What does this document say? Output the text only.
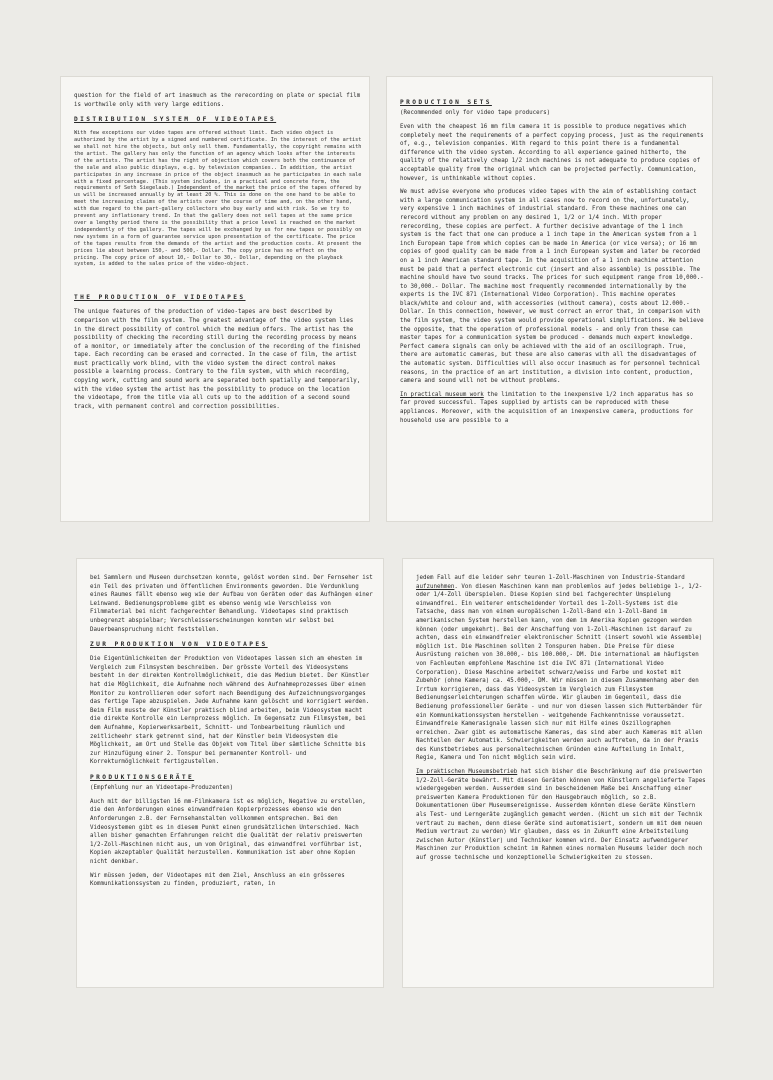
question for the field of art inasmuch as the rerecording on plate or special film is worthwile only with very large editions.

DISTRIBUTION SYSTEM OF VIDEOTAPES

With few exceptions our video tapes are offered without limit. Each video object is authorized by the artist by a signed and numbered certificate. In the interest of the artist we shall not hire the objects, but only sell them. Fundamentally, the copyright remains with the artist. The gallery has only the function of an agency which looks after the interests of the artists. The artist has the right of objection which covers both the continuance of the sale and also public displays, e.g. by television companies.. In addition, the artist participates in any increase in price of the object inasmuch as he participates in each sale with a fixed percentage. (This system includes, in a practical and concrete form, the requirements of Seth Siegelaub.) Independent of the market the price of the tapes offered by us will be increased annually by at least 20 %. This is done on the one hand to be able to meet the increasing claims of the artists over the course of time and, on the other hand, with due regard to the part-gallery collectors who buy early and with risk. So we try to prevent any inflationary trend. In that the gallery does not sell tapes at the same price over a lengthy period there is the possibility that a price level is reached on the market independently of the gallery. The tapes will be exchanged by us for new tapes or possibly on new systems in a form of guarantee service upon presentation of the certificate. The price of the tapes results from the demands of the artist and the production costs. At present the prices lie about between 150,- and 500,- Dollar. The copy price has no effect on the pricing. The copy price of about 10,- Dollar to 30,- Dollar, depending on the playback system, is added to the sales price of the video-object.

THE PRODUCTION OF VIDEOTAPES

The unique features of the production of video-tapes are best described by comparison with the film system. The greatest advantage of the video system lies in the direct possibility of control which the medium offers. The artist has the possibility of checking the recording still during the recording process by means of a monitor, or immediately after the conclusion of the recording of the finished tape. Each recording can be erased and corrected. In the case of film, the artist must practically work blind, with the video system the direct control makes possible a learning process. Contrary to the film system, with which recording, copying work, cutting and sound work are separated both spatially and temporarily, with the video system the artist has the possibility to produce on the location the videotape, from the title via all cuts up to the addition of a second sound track, with permanent control and correction possibilities.

PRODUCTION SETS
(Recommended only for video tape producers)

Even with the cheapest 16 mm film camera it is possible to produce negatives which completely meet the requirements of a perfect copying process, just as the requirements of, e.g., television companies. With regard to this point there is a fundamental difference with the video system. According to all experience gained hitherto, the quality of the relatively cheap 1/2 inch machines is not adequate to produce copies of acceptable quality from the original which can be projected perfectly. Communication, however, is unthinkable without copies.

We must advise everyone who produces video tapes with the aim of establishing contact with a large communication system in all cases now to record on the, unfortunately, very expensive 1 inch machines of industrial standard. From these machines one can rerecord without any problem on any desired 1, 1/2 or 1/4 inch. With proper rerecording, these copies are perfect. A further decisive advantage of the 1 inch system is the fact that one can produce a 1 inch tape in the American system from a 1 inch European tape from which copies can be made in America (or vice versa); or 16 mm copies of good quality can be made from a 1 inch European system and later be recorded on a 1 inch American standard tape. In the acquisition of a 1 inch machine attention must be paid that a perfect electronic cut (insert and also assemble) is possible. The machine should have two sound tracks. The prices for such equipment range from 10,000.- to 30,000.- Dollar. The machine most frequently recommended internationally by the experts is the IVC 871 (International Video Corporation). This machine operates black/white and colour and, with accessories (without camera), costs about 12.000.- Dollar. In this connection, however, we must correct an error that, in comparison with the film system, the video system would provide operational simplifications. We believe the opposite, that the operation of professional models - and only from these can master tapes for a communication system be produced - demands much expert knowledge. Perfect camera signals can only be achieved with the aid of an oscillograph. True, there are automatic cameras, but these are also cameras with all the disadvantages of the automatic system. Difficulties will also occur inasmuch as for personnel technical reasons, in the practice of an art institution, a division into content, production, camera and sound will not be without problems.

In practical museum work the limitation to the inexpensive 1/2 inch apparatus has so far proved successful. Tapes supplied by artists can be reproduced with these appliances. Moreover, with the acquisition of an inexpensive camera, productions for household use are possible to a

bei Sammlern und Museen durchsetzen konnte, gelöst worden sind. Der Fernseher ist ein Teil des privaten und öffentlichen Environments geworden. Die Verdunklung eines Raumes fällt ebenso weg wie der Aufbau von Geräten oder das Aufhängen einer Leinwand. Bedienungsprobleme gibt es ebenso wenig wie Verschleiss von Filmmaterial bei nicht fachgerechter Behandlung. Videotapes sind praktisch unbegrenzt abspielbar; Verschleisserscheinungen konnten wir selbst bei Dauerbeanspruchung nicht feststellen.

ZUR PRODUKTION VON VIDEOTAPES

Die Eigentümlichkeiten der Produktion von Videotapes lassen sich am ehesten im Vergleich zum Filmsystem beschreiben. Der grösste Vorteil des Videosystems besteht in der direkten Kontrollmöglichkeit, die das Medium bietet. Der Künstler hat die Möglichkeit, die Aufnahme noch während des Aufnahmeprozesses über einen Monitor zu kontrollieren oder sofort nach Beendigung des Aufzeichnungsvorganges das fertige Tape abzuspielen. Jede Aufnahme kann gelöscht und korrigiert werden. Beim Film musste der Künstler praktisch blind arbeiten, beim Videosystem macht die direkte Kontrolle ein Lernprozess möglich. Im Gegensatz zum Filmsystem, bei dem Aufnahme, Kopierwerksarbeit, Schnitt- und Tonbearbeitung räumlich und zeitlicheehr stark getrennt sind, hat der Künstler beim Videosystem die Möglichkeit, am Ort und Stelle das Objekt vom Titel über sämtliche Schnitte bis zur Hinzufügung einer 2. Tonspur bei permanenter Kontroll- und Korrekturmöglichkeit fertigzustellen.

PRODUKTIONSGERÄTE
(Empfehlung nur an Videotape-Produzenten)

Auch mit der billigsten 16 mm-Filmkamera ist es möglich, Negative zu erstellen, die den Anforderungen eines einwandfreien Kopierprozesses ebenso wie den Anforderungen z.B. der Fernsehanstalten vollkommen entsprechen. Bei den Videosystemen gibt es in diesem Punkt einen grundsätzlichen Unterschied. Nach allen bisher gemachten Erfahrungen reicht die Qualität der relativ preiswerten 1/2-Zoll-Maschinen nicht aus, um vom Original, das einwandfrei vorführbar ist, Kopien akzeptabler Qualität herzustellen. Kommunikation ist aber ohne Kopien nicht denkbar.

Wir müssen jedem, der Videotapes mit dem Ziel, Anschluss an ein grösseres Kommunikationssystem zu finden, produziert, raten, in

jedem Fall auf die leider sehr teuren 1-Zoll-Maschinen von Industrie-Standard aufzunehmen. Von diesen Maschinen kann man problemlos auf jedes beliebige 1-, 1/2- oder 1/4-Zoll überspielen. Diese Kopien sind bei fachgerechter Umspielung einwandfrei. Ein weiterer entscheidender Vorteil des 1-Zoll-Systems ist die Tatsache, dass man von einem europäischen 1-Zoll-Band ein 1-Zoll-Band im amerikanischen System herstellen kann, von dem im Amerika Kopien gezogen werden können (oder umgekehrt). Bei der Anschaffung von 1-Zoll-Maschinen ist darauf zu achten, dass ein einwandfreier elektronischer Schnitt (insert sowohl wie Assemble) möglich ist. Die Maschinen sollten 2 Tonspuren haben. Die Preise für diese Ausrüstung reichen von 30.000,- bis 100.000,- DM. Die international am häufigsten von Fachleuten empfohlene Maschine ist die IVC 871 (International Video Corporation). Diese Maschine arbeitet schwarz/weiss und Farbe und kostet mit Zubehör (ohne Kamera) ca. 45.000,- DM. Wir müssen in diesem Zusammenhang aber den Irrtum korrigieren, dass das Videosystem im Vergleich zum Filmsystem Bedienungserleichterungen schaffen würde. Wir glauben im Gegenteil, dass die Bedienung professioneller Geräte - und nur von diesen lassen sich Mutterbänder für ein Kommunikationssystem herstellen - weitgehende Fachkenntnisse voraussetzt. Einwandfreie Kamerasignale lassen sich nur mit Hilfe eines Oszillographen erreichen. Zwar gibt es automatische Kameras, das sind aber auch Kameras mit allen Nachteilen der Automatik. Schwierigkeiten werden auch auftreten, da in der Praxis des Kunstbetriebes aus personaltechnischen Gründen eine Aufteilung in Inhalt, Regie, Kamera und Ton nicht möglich sein wird.

Im praktischen Museumsbetrieb hat sich bisher die Beschränkung auf die preiswerten 1/2-Zoll-Geräte bewährt. Mit diesen Geräten können von Künstlern angelieferte Tapes wiedergegeben werden. Ausserdem sind in bescheidenem Maße bei Anschaffung einer preiswerten Kamera Produktionen für den Hausgebrauch möglich, so z.B. Dokumentationen über Museumsereignisse. Ausserdem könnten diese Geräte Künstlern als Test- und Lerngeräte zugänglich gemacht werden. (Nicht um sich mit der Technik vertraut zu machen, denn diese Geräte sind automatisiert, sondern um mit dem neuen Medium vertraut zu werden) Wir glauben, dass es in Zukunft eine Arbeitsteilung zwischen Autor (Künstler) und Techniker kommen wird. Der Einsatz aufwendigerer Maschinen zur Produktion scheint im Rahmen eines normalen Museums leider doch noch auf grosse technische und konzeptionelle Schwierigkeiten zu stossen.
